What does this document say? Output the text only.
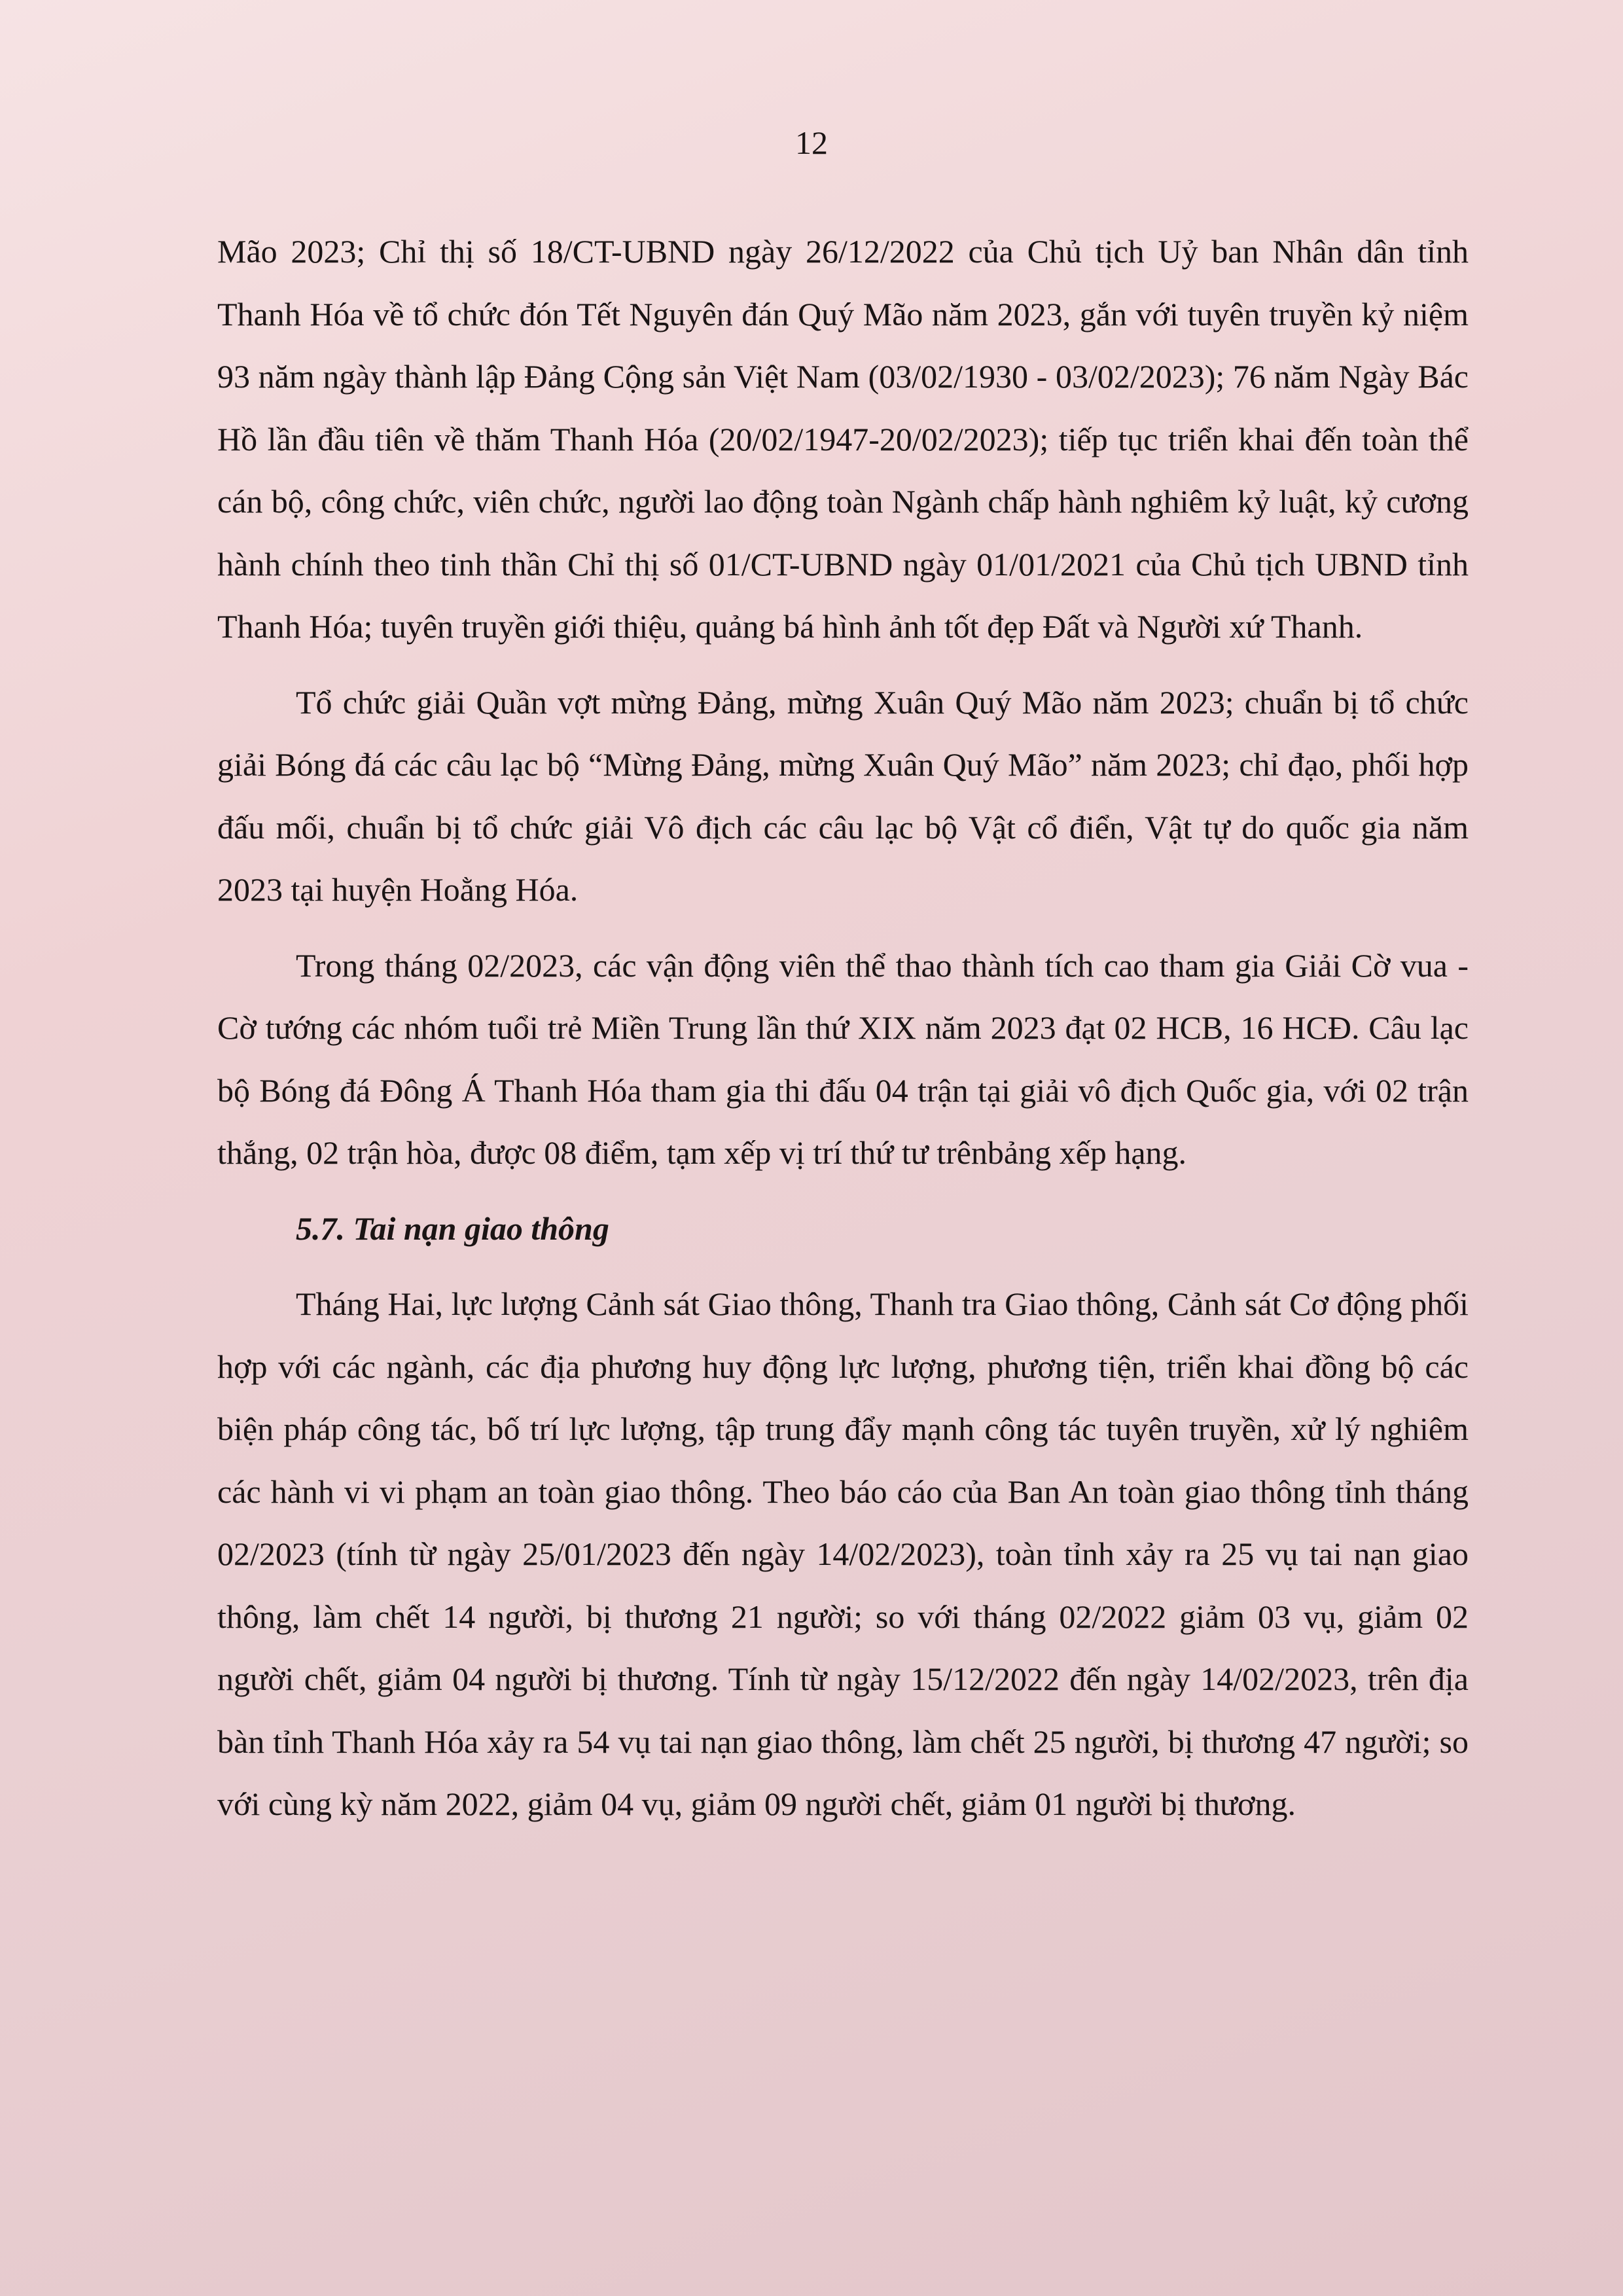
12

Mão 2023; Chỉ thị số 18/CT-UBND ngày 26/12/2022 của Chủ tịch Uỷ ban Nhân dân tỉnh Thanh Hóa về tổ chức đón Tết Nguyên đán Quý Mão năm 2023, gắn với tuyên truyền kỷ niệm 93 năm ngày thành lập Đảng Cộng sản Việt Nam (03/02/1930 - 03/02/2023); 76 năm Ngày Bác Hồ lần đầu tiên về thăm Thanh Hóa (20/02/1947-20/02/2023); tiếp tục triển khai đến toàn thể cán bộ, công chức, viên chức, người lao động toàn Ngành chấp hành nghiêm kỷ luật, kỷ cương hành chính theo tinh thần Chỉ thị số 01/CT-UBND ngày 01/01/2021 của Chủ tịch UBND tỉnh Thanh Hóa; tuyên truyền giới thiệu, quảng bá hình ảnh tốt đẹp Đất và Người xứ Thanh.

Tổ chức giải Quần vợt mừng Đảng, mừng Xuân Quý Mão năm 2023; chuẩn bị tổ chức giải Bóng đá các câu lạc bộ “Mừng Đảng, mừng Xuân Quý Mão” năm 2023; chỉ đạo, phối hợp đấu mối, chuẩn bị tổ chức giải Vô địch các câu lạc bộ Vật cổ điển, Vật tự do quốc gia năm 2023 tại huyện Hoằng Hóa.

Trong tháng 02/2023, các vận động viên thể thao thành tích cao tham gia Giải Cờ vua - Cờ tướng các nhóm tuổi trẻ Miền Trung lần thứ XIX năm 2023 đạt 02 HCB, 16 HCĐ. Câu lạc bộ Bóng đá Đông Á Thanh Hóa tham gia thi đấu 04 trận tại giải vô địch Quốc gia, với 02 trận thắng, 02 trận hòa, được 08 điểm, tạm xếp vị trí thứ tư trênbảng xếp hạng.

5.7. Tai nạn giao thông

Tháng Hai, lực lượng Cảnh sát Giao thông, Thanh tra Giao thông, Cảnh sát Cơ động phối hợp với các ngành, các địa phương huy động lực lượng, phương tiện, triển khai đồng bộ các biện pháp công tác, bố trí lực lượng, tập trung đẩy mạnh công tác tuyên truyền, xử lý nghiêm các hành vi vi phạm an toàn giao thông. Theo báo cáo của Ban An toàn giao thông tỉnh tháng 02/2023 (tính từ ngày 25/01/2023 đến ngày 14/02/2023), toàn tỉnh xảy ra 25 vụ tai nạn giao thông, làm chết 14 người, bị thương 21 người; so với tháng 02/2022 giảm 03 vụ, giảm 02 người chết, giảm 04 người bị thương. Tính từ ngày 15/12/2022 đến ngày 14/02/2023, trên địa bàn tỉnh Thanh Hóa xảy ra 54 vụ tai nạn giao thông, làm chết 25 người, bị thương 47 người; so với cùng kỳ năm 2022, giảm 04 vụ, giảm 09 người chết, giảm 01 người bị thương.
